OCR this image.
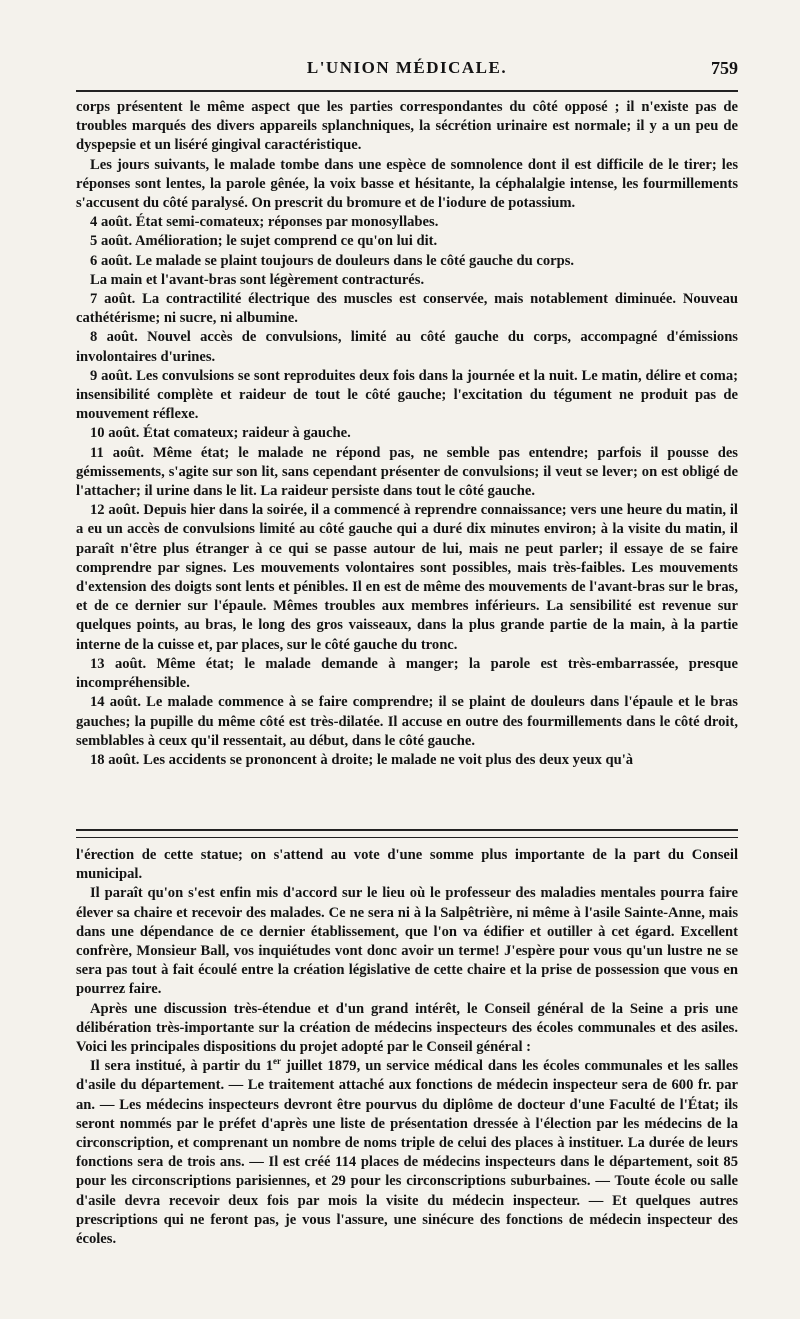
L'UNION MÉDICALE.	759

corps présentent le même aspect que les parties correspondantes du côté opposé ; il n'existe pas de troubles marqués des divers appareils splanchniques, la sécrétion urinaire est normale; il y a un peu de dyspepsie et un liséré gingival caractéristique.

Les jours suivants, le malade tombe dans une espèce de somnolence dont il est difficile de le tirer; les réponses sont lentes, la parole gênée, la voix basse et hésitante, la céphalalgie intense, les fourmillements s'accusent du côté paralysé. On prescrit du bromure et de l'iodure de potassium.

4 août. État semi-comateux; réponses par monosyllabes.

5 août. Amélioration; le sujet comprend ce qu'on lui dit.

6 août. Le malade se plaint toujours de douleurs dans le côté gauche du corps.

La main et l'avant-bras sont légèrement contracturés.

7 août. La contractilité électrique des muscles est conservée, mais notablement diminuée. Nouveau cathétérisme; ni sucre, ni albumine.

8 août. Nouvel accès de convulsions, limité au côté gauche du corps, accompagné d'émissions involontaires d'urines.

9 août. Les convulsions se sont reproduites deux fois dans la journée et la nuit. Le matin, délire et coma; insensibilité complète et raideur de tout le côté gauche; l'excitation du tégument ne produit pas de mouvement réflexe.

10 août. État comateux; raideur à gauche.

11 août. Même état; le malade ne répond pas, ne semble pas entendre; parfois il pousse des gémissements, s'agite sur son lit, sans cependant présenter de convulsions; il veut se lever; on est obligé de l'attacher; il urine dans le lit. La raideur persiste dans tout le côté gauche.

12 août. Depuis hier dans la soirée, il a commencé à reprendre connaissance; vers une heure du matin, il a eu un accès de convulsions limité au côté gauche qui a duré dix minutes environ; à la visite du matin, il paraît n'être plus étranger à ce qui se passe autour de lui, mais ne peut parler; il essaye de se faire comprendre par signes. Les mouvements volontaires sont possibles, mais très-faibles. Les mouvements d'extension des doigts sont lents et pénibles. Il en est de même des mouvements de l'avant-bras sur le bras, et de ce dernier sur l'épaule. Mêmes troubles aux membres inférieurs. La sensibilité est revenue sur quelques points, au bras, le long des gros vaisseaux, dans la plus grande partie de la main, à la partie interne de la cuisse et, par places, sur le côté gauche du tronc.

13 août. Même état; le malade demande à manger; la parole est très-embarrassée, presque incompréhensible.

14 août. Le malade commence à se faire comprendre; il se plaint de douleurs dans l'épaule et le bras gauches; la pupille du même côté est très-dilatée. Il accuse en outre des fourmillements dans le côté droit, semblables à ceux qu'il ressentait, au début, dans le côté gauche.

18 août. Les accidents se prononcent à droite; le malade ne voit plus des deux yeux qu'à

l'érection de cette statue; on s'attend au vote d'une somme plus importante de la part du Conseil municipal.

Il paraît qu'on s'est enfin mis d'accord sur le lieu où le professeur des maladies mentales pourra faire élever sa chaire et recevoir des malades. Ce ne sera ni à la Salpêtrière, ni même à l'asile Sainte-Anne, mais dans une dépendance de ce dernier établissement, que l'on va édifier et outiller à cet égard. Excellent confrère, Monsieur Ball, vos inquiétudes vont donc avoir un terme! J'espère pour vous qu'un lustre ne se sera pas tout à fait écoulé entre la création législative de cette chaire et la prise de possession que vous en pourrez faire.

Après une discussion très-étendue et d'un grand intérêt, le Conseil général de la Seine a pris une délibération très-importante sur la création de médecins inspecteurs des écoles communales et des asiles. Voici les principales dispositions du projet adopté par le Conseil général :

Il sera institué, à partir du 1er juillet 1879, un service médical dans les écoles communales et les salles d'asile du département. — Le traitement attaché aux fonctions de médecin inspecteur sera de 600 fr. par an. — Les médecins inspecteurs devront être pourvus du diplôme de docteur d'une Faculté de l'État; ils seront nommés par le préfet d'après une liste de présentation dressée à l'élection par les médecins de la circonscription, et comprenant un nombre de noms triple de celui des places à instituer. La durée de leurs fonctions sera de trois ans. — Il est créé 114 places de médecins inspecteurs dans le département, soit 85 pour les circonscriptions parisiennes, et 29 pour les circonscriptions suburbaines. — Toute école ou salle d'asile devra recevoir deux fois par mois la visite du médecin inspecteur. — Et quelques autres prescriptions qui ne feront pas, je vous l'assure, une sinécure des fonctions de médecin inspecteur des écoles.
